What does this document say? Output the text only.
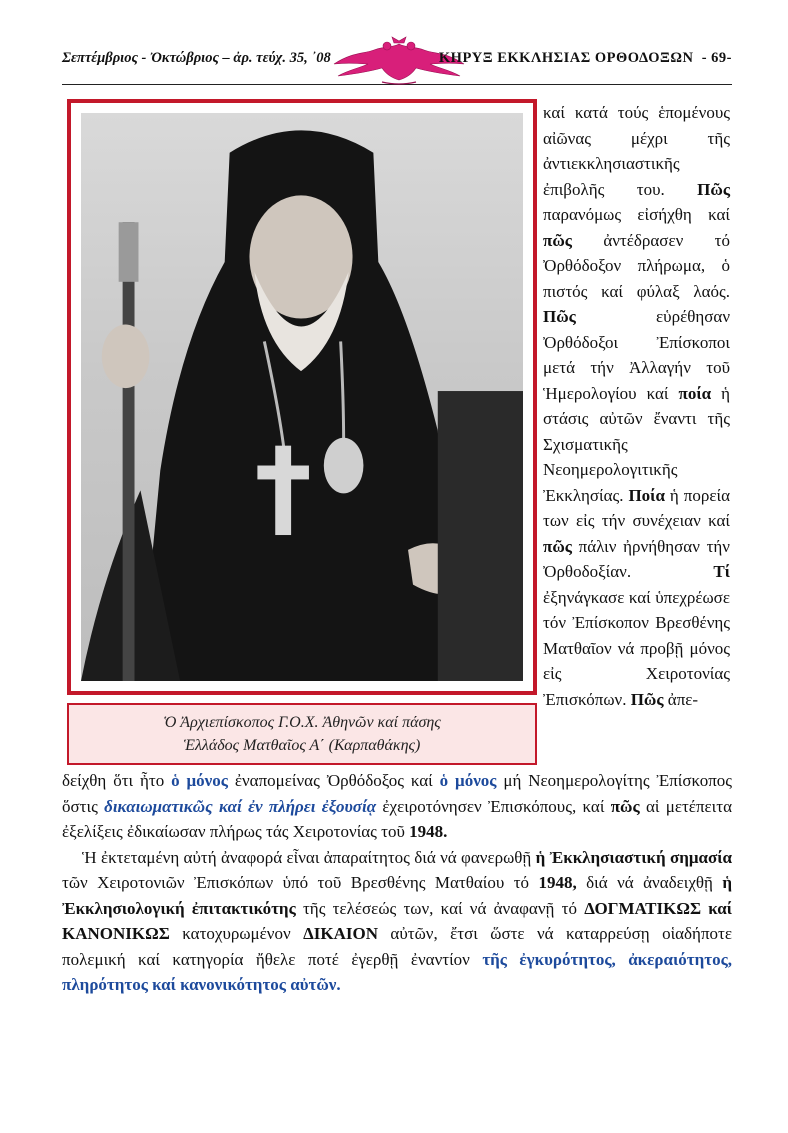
Σεπτέμβριος - Ὀκτώβριος – ἀρ. τεύχ. 35, ᾽08	ΚΗΡΥΞ ΕΚΚΛΗΣΙΑΣ ΟΡΘΟΔΟΞΩΝ - 69-
Ὁ Ἀρχιεπίσκοπος Γ.Ο.Χ. Ἀθηνῶν καί πάσης
Ἑλλάδος Ματθαῖος Α΄ (Καρπαθάκης)

καί κατά τούς ἑπομένους αἰῶνας μέχρι τῆς ἀντιεκκλησιαστικῆς ἐπιβολῆς του. Πῶς παρανόμως εἰσήχθη καί πῶς ἀντέδρασεν τό Ὀρθόδοξον πλήρωμα, ὁ πιστός καί φύλαξ λαός. Πῶς εὑρέθησαν Ὀρθόδοξοι Ἐπίσκοποι μετά τήν Ἀλλαγήν τοῦ Ἡμερολογίου καί ποία ἡ στάσις αὐτῶν ἔναντι τῆς Σχισματικῆς Νεοημερολογιτικῆς Ἐκκλησίας. Ποία ἡ πορεία των εἰς τήν συνέχειαν καί πῶς πάλιν ἠρνήθησαν τήν Ὀρθοδοξίαν. Τί ἐξηνάγκασε καί ὑπεχρέωσε τόν Ἐπίσκοπον Βρεσθένης Ματθαῖον νά προβῇ μόνος εἰς Χειροτονίας Ἐπισκόπων. Πῶς ἀπε-

δείχθη ὅτι ἦτο ὁ μόνος ἐναπομείνας Ὀρθόδοξος καί ὁ μόνος μή Νεοημερολογίτης Ἐπίσκοπος ὅστις δικαιωματικῶς καί ἐν πλήρει ἐξουσίᾳ ἐχειροτόνησεν Ἐπισκόπους, καί πῶς αἱ μετέπειτα ἐξελίξεις ἐδικαίωσαν πλήρως τάς Χειροτονίας τοῦ 1948.

Ἡ ἐκτεταμένη αὐτή ἀναφορά εἶναι ἀπαραίτητος διά νά φανερωθῇ ἡ Ἐκκλησιαστική σημασία τῶν Χειροτονιῶν Ἐπισκόπων ὑπό τοῦ Βρεσθένης Ματθαίου τό 1948, διά νά ἀναδειχθῇ ἡ Ἐκκλησιολογική ἐπιτακτικότης τῆς τελέσεώς των, καί νά ἀναφανῇ τό ΔΟΓΜΑΤΙΚΩΣ καί ΚΑΝΟΝΙΚΩΣ κατοχυρωμένον ΔΙΚΑΙΟΝ αὐτῶν, ἔτσι ὥστε νά καταρρεύσῃ οἱαδήποτε πολεμική καί κατηγορία ἤθελε ποτέ ἐγερθῇ ἐναντίον τῆς ἐγκυρότητος, ἀκεραιότητος, πληρότητος καί κανονικότητος αὐτῶν.
